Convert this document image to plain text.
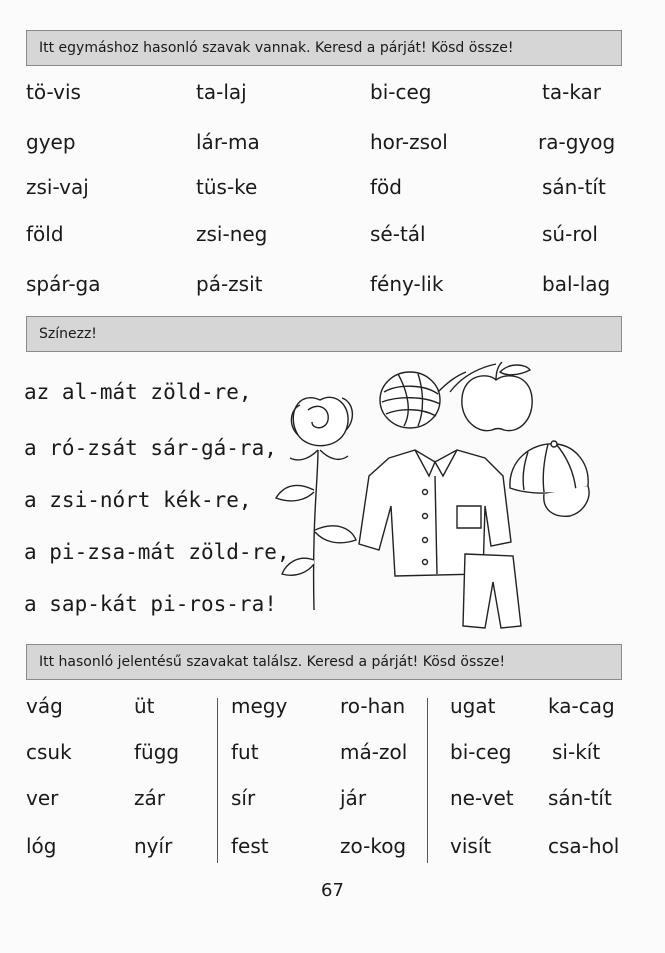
Itt egymáshoz hasonló szavak vannak. Keresd a párját! Kösd össze!
tö-vis
gyep
zsi-vaj
föld
spár-ga
ta-laj
lár-ma
tüs-ke
zsi-neg
pá-zsit
bi-ceg
hor-zsol
föd
sé-tál
fény-lik
ta-kar
ra-gyog
sán-tít
sú-rol
bal-lag
Színezz!
az al-mát zöld-re,
a ró-zsát sár-gá-ra,
a zsi-nórt kék-re,
a pi-zsa-mát zöld-re,
a sap-kát pi-ros-ra!
Itt hasonló jelentésű szavakat találsz. Keresd a párját! Kösd össze!
vág
csuk
ver
lóg
üt
függ
zár
nyír
megy
fut
sír
fest
ro-han
má-zol
jár
zo-kog
ugat
bi-ceg
ne-vet
visít
ka-cag
si-kít
sán-tít
csa-hol
67
